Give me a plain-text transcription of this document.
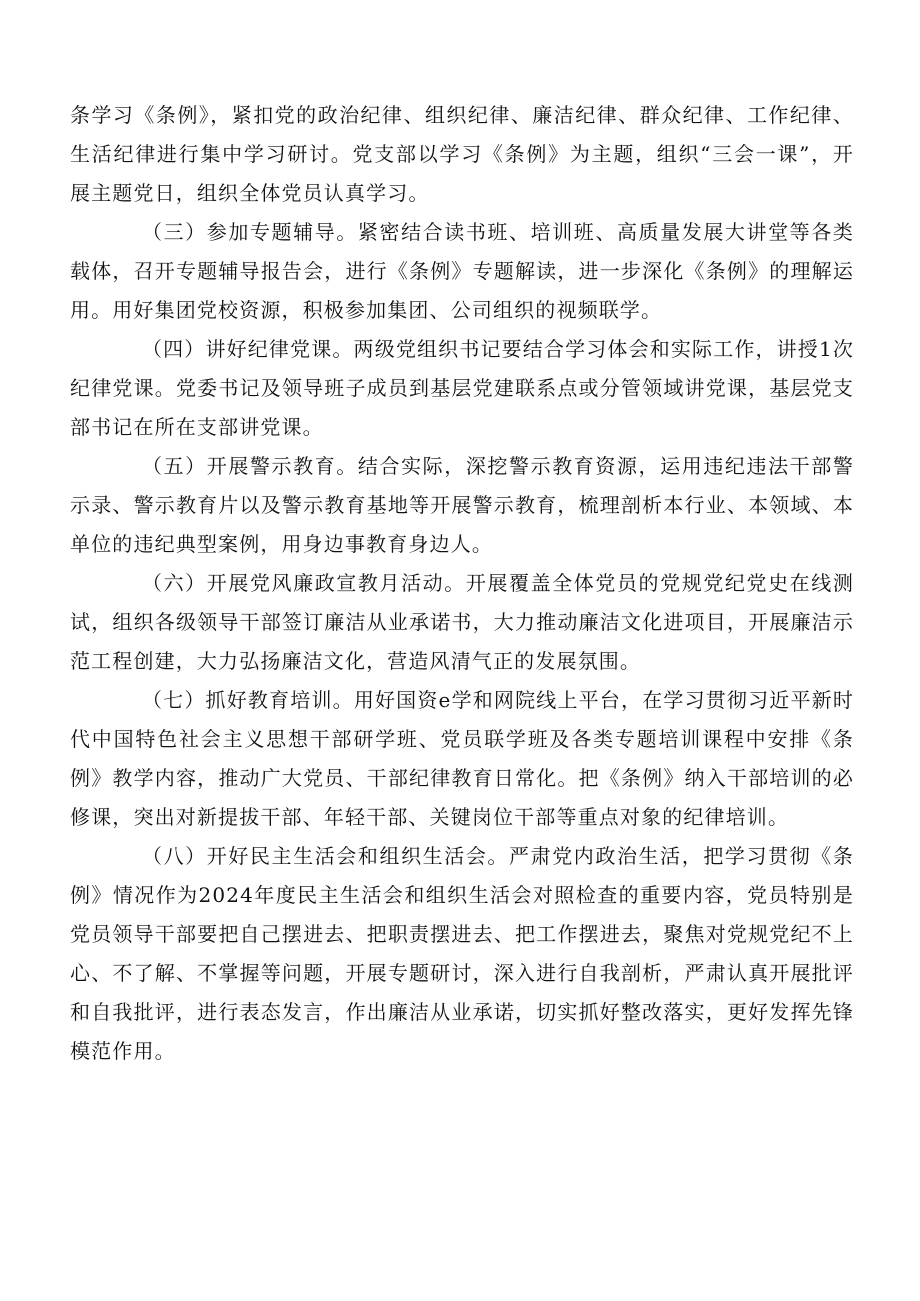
条学习《条例》，紧扣党的政治纪律、组织纪律、廉洁纪律、群众纪律、工作纪律、生活纪律进行集中学习研讨。党支部以学习《条例》为主题，组织“三会一课”，开展主题党日，组织全体党员认真学习。

（三）参加专题辅导。紧密结合读书班、培训班、高质量发展大讲堂等各类载体，召开专题辅导报告会，进行《条例》专题解读，进一步深化《条例》的理解运用。用好集团党校资源，积极参加集团、公司组织的视频联学。

（四）讲好纪律党课。两级党组织书记要结合学习体会和实际工作，讲授1次纪律党课。党委书记及领导班子成员到基层党建联系点或分管领域讲党课，基层党支部书记在所在支部讲党课。

（五）开展警示教育。结合实际，深挖警示教育资源，运用违纪违法干部警示录、警示教育片以及警示教育基地等开展警示教育，梳理剖析本行业、本领域、本单位的违纪典型案例，用身边事教育身边人。

（六）开展党风廉政宣教月活动。开展覆盖全体党员的党规党纪党史在线测试，组织各级领导干部签订廉洁从业承诺书，大力推动廉洁文化进项目，开展廉洁示范工程创建，大力弘扬廉洁文化，营造风清气正的发展氛围。

（七）抓好教育培训。用好国资e学和网院线上平台，在学习贯彻习近平新时代中国特色社会主义思想干部研学班、党员联学班及各类专题培训课程中安排《条例》教学内容，推动广大党员、干部纪律教育日常化。把《条例》纳入干部培训的必修课，突出对新提拔干部、年轻干部、关键岗位干部等重点对象的纪律培训。

（八）开好民主生活会和组织生活会。严肃党内政治生活，把学习贯彻《条例》情况作为2024年度民主生活会和组织生活会对照检查的重要内容，党员特别是党员领导干部要把自己摆进去、把职责摆进去、把工作摆进去，聚焦对党规党纪不上心、不了解、不掌握等问题，开展专题研讨，深入进行自我剖析，严肃认真开展批评和自我批评，进行表态发言，作出廉洁从业承诺，切实抓好整改落实，更好发挥先锋模范作用。
